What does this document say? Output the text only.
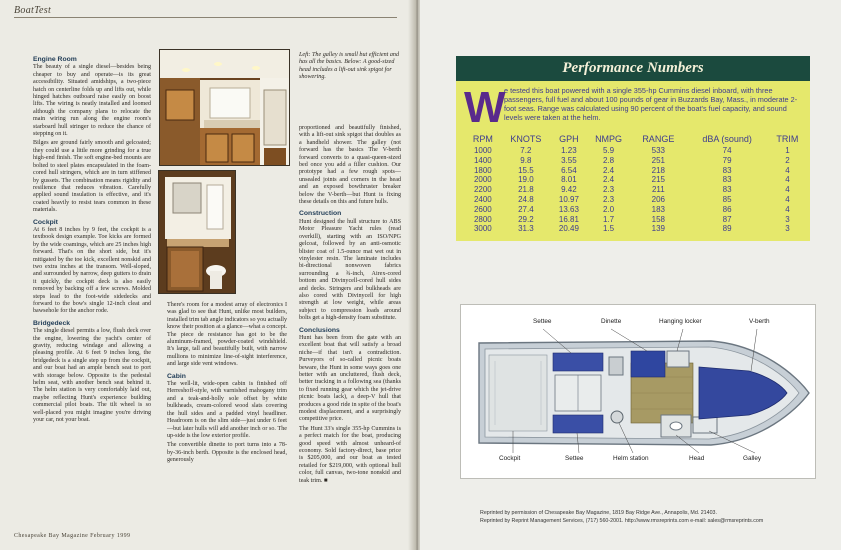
BoatTest
Engine Room

The beauty of a single diesel—besides being cheaper to buy and operate—is its great accessibility. Situated amidships, a two-piece hatch on centerline folds up and lifts out, while hinged hatches outboard raise easily on boost lifts. The wiring is neatly installed and loomed although the company plans to relocate the main wiring run along the engine room's starboard hull stringer to reduce the chance of stepping on it.

Bilges are ground fairly smooth and gelcoated; they could use a little more grinding for a true high-end finish. The soft engine-bed mounts are bolted to steel plates encapsulated in the foam-cored hull stringers, which are in turn stiffened by gussets. The combination means rigidity and resilience that reduces vibration. Carefully applied sound insulation is effective, and it's coated heavily to resist tears common in these materials.

Cockpit

At 6 feet 8 inches by 9 feet, the cockpit is a textbook design example. Toe kicks are formed by the wide coamings, which are 25 inches high forward. That's on the short side, but it's mitigated by the toe kick, excellent nonskid and two extra inches at the transom. Well-sloped, and surrounded by narrow, deep gutters to drain it quickly, the cockpit deck is also easily removed by backing off a few screws. Molded steps lead to the foot-wide sidedecks and forward to the bow's single 12-inch cleat and bawsehole for the anchor rode.

Bridgedeck

The single diesel permits a low, flush deck over the engine, lowering the yacht's center of gravity, reducing windage and allowing a pleasing profile. At 6 feet 9 inches long, the bridgedeck is a single step up from the cockpit, and our boat had an ample bench seat to port with storage below. Opposite is the pedestal helm seat, with another bench seat behind it. The helm station is very comfortably laid out, maybe reflecting Hunt's experience building commercial pilot boats. The tilt wheel is so well-placed you might imagine you're driving your car, not your boat.

Left: The galley is small but efficient and has all the basics. Below: A good-sized head includes a lift-out sink spigot for showering.

There's room for a modest array of electronics I was glad to see that Hunt, unlike most builders, installed trim tab angle indicators so you actually know their position at a glance—what a concept. The piece de resistance has got to be the aluminum-framed, powder-coated windshield. It's large, tall and beautifully built, with narrow mullions to minimize line-of-sight interference, and large side vent windows.

Cabin

The well-lit, wide-open cabin is finished off Herreshoff-style, with varnished mahogany trim and a teak-and-holly sole offset by white bulkheads, cream-colored wood slats covering the hull sides and a padded vinyl headliner. Headroom is on the slim side—just under 6 feet—but later hulls will add another inch or so. The up-side is the low exterior profile.

The convertible dinette to port turns into a 78-by-36-inch berth. Opposite is the enclosed head, generously

proportioned and beautifully finished, with a lift-out sink spigot that doubles as a handheld shower. The galley (not forward has the basics The V-berth forward converts to a quasi-queen-sized bed once you add a filler cushion. Our prototype had a few rough spots—unsealed joints and corners in the head and an exposed bowthruster breaker below the V-berth—but Hunt is fixing these details on this and future hulls.

Construction

Hunt designed the hull structure to ABS Motor Pleasure Yacht rules (read overkill), starting with an ISO/NPG gelcoat, followed by an anti-osmotic blister coat of 1.5-ounce mat wet out in vinylester resin. The laminate includes bi-directional nonwoven fabrics surrounding a ¾-inch, Airex-cored bottom and Divinycell-cored hull sides and decks. Stringers and bulkheads are also cored with Divinycell for high strength at low weight, while areas subject to compression loads around bolts get a high-density foam substitute.

Conclusions

Hunt has been from the gate with an excellent boat that will satisfy a broad niche—if that isn't a contradiction. Purveyors of so-called picnic boats beware, the Hunt in some ways goes one better with an uncluttered, flush deck, better tracking in a following sea (thanks to fixed running gear which the jet-drive picnic boats lack), a deep-V hull that produces a good ride in spite of the boat's modest displacement, and a surprisingly competitive price.

The Hunt 33's single 355-hp Cummins is a perfect match for the boat, producing good speed with almost unheard-of economy. Sold factory-direct, base price is $205,000, and our boat as tested retailed for $219,000, with optional hull color, full canvas, two-tone nonskid and teak trim. ■

Chesapeake Bay Magazine February 1999
Performance Numbers
W
e tested this boat powered with a single 355-hp Cummins diesel inboard, with three passengers, full fuel and about 100 pounds of gear in Buzzards Bay, Mass., in moderate 2-foot seas. Range was calculated using 90 percent of the boat's fuel capacity, and sound levels were taken at the helm.
RPM	KNOTS	GPH	NMPG	RANGE	dBA (sound)	TRIM
1000	7.2	1.23	5.9	533	74	1
1400	9.8	3.55	2.8	251	79	2
1800	15.5	6.54	2.4	218	83	4
2000	19.0	8.01	2.4	215	83	4
2200	21.8	9.42	2.3	211	83	4
2400	24.8	10.97	2.3	206	85	4
2600	27.4	13.63	2.0	183	86	4
2800	29.2	16.81	1.7	158	87	3
3000	31.3	20.49	1.5	139	89	3
Settee	Dinette	Hanging locker	V-berth
Cockpit	Settee	Helm station	Head	Galley
Reprinted by permission of Chesapeake Bay Magazine, 1819 Bay Ridge Ave., Annapolis, Md. 21403.
Reprinted by Reprint Management Services, (717) 560-2001. http://www.rmsreprints.com e-mail: sales@rmsreprints.com
